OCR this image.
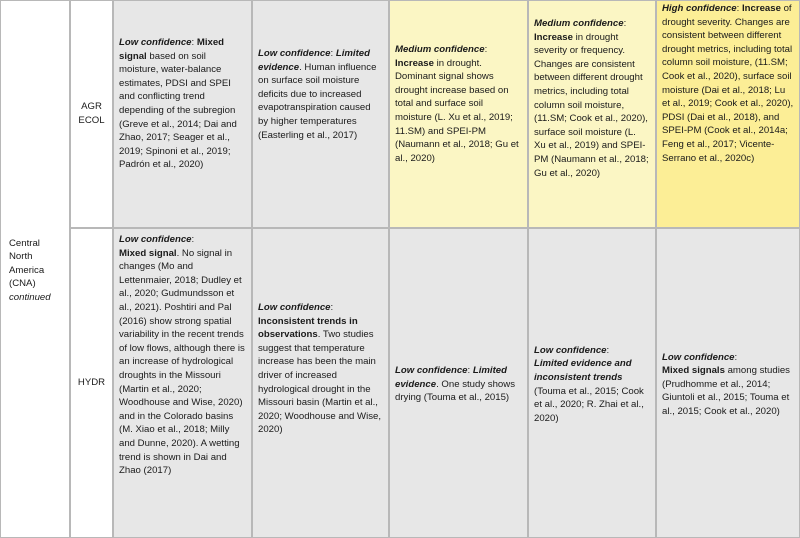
Central
North
America
(CNA)
continued
AGR
ECOL
Low confidence: Mixed signal based on soil moisture, water-balance estimates, PDSI and SPEI and conflicting trend depending of the subregion (Greve et al., 2014; Dai and Zhao, 2017; Seager et al., 2019; Spinoni et al., 2019; Padrón et al., 2020)
Low confidence: Limited evidence. Human influence on surface soil moisture deficits due to increased evapotranspiration caused by higher temperatures (Easterling et al., 2017)
Medium confidence: Increase in drought. Dominant signal shows drought increase based on total and surface soil moisture (L. Xu et al., 2019; 11.SM) and SPEI-PM (Naumann et al., 2018; Gu et al., 2020)
Medium confidence: Increase in drought severity or frequency. Changes are consistent between different drought metrics, including total column soil moisture, (11.SM; Cook et al., 2020), surface soil moisture (L. Xu et al., 2019) and SPEI-PM (Naumann et al., 2018; Gu et al., 2020)
High confidence: Increase of drought severity. Changes are consistent between different drought metrics, including total column soil moisture, (11.SM; Cook et al., 2020), surface soil moisture (Dai et al., 2018; Lu et al., 2019; Cook et al., 2020), PDSI (Dai et al., 2018), and SPEI-PM (Cook et al., 2014a; Feng et al., 2017; Vicente-Serrano et al., 2020c)
HYDR
Low confidence:
Mixed signal. No signal in changes (Mo and Lettenmaier, 2018; Dudley et al., 2020; Gudmundsson et al., 2021). Poshtiri and Pal (2016) show strong spatial variability in the recent trends of low flows, although there is an increase of hydrological droughts in the Missouri (Martin et al., 2020; Woodhouse and Wise, 2020) and in the Colorado basins (M. Xiao et al., 2018; Milly and Dunne, 2020). A wetting trend is shown in Dai and Zhao (2017)
Low confidence:
Inconsistent trends in observations. Two studies suggest that temperature increase has been the main driver of increased hydrological drought in the Missouri basin (Martin et al., 2020; Woodhouse and Wise, 2020)
Low confidence: Limited evidence. One study shows drying (Touma et al., 2015)
Low confidence:
Limited evidence and inconsistent trends (Touma et al., 2015; Cook et al., 2020; R. Zhai et al., 2020)
Low confidence:
Mixed signals among studies (Prudhomme et al., 2014; Giuntoli et al., 2015; Touma et al., 2015; Cook et al., 2020)
